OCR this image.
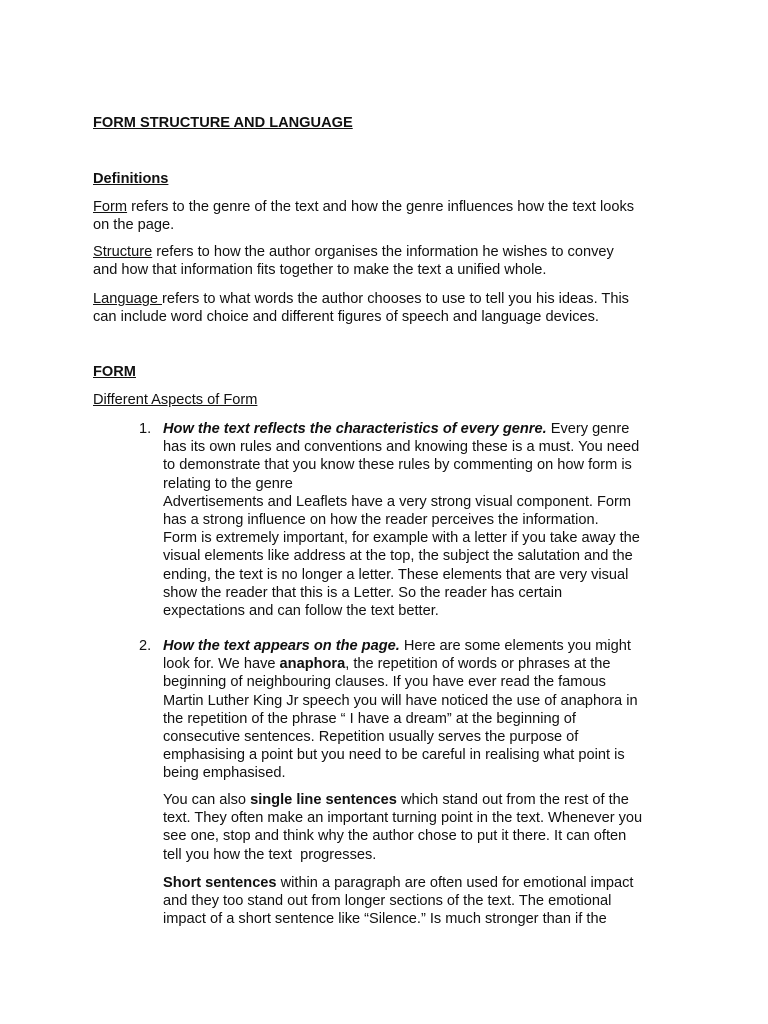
FORM STRUCTURE AND LANGUAGE

Definitions

Form refers to the genre of the text and how the genre influences how the text looks
on the page.
Structure refers to how the author organises the information he wishes to convey
and how that information fits together to make the text a unified whole.
Language refers to what words the author chooses to use to tell you his ideas. This
can include word choice and different figures of speech and language devices.

FORM

Different Aspects of Form

1. How the text reflects the characteristics of every genre. Every genre

has its own rules and conventions and knowing these is a must. You need

to demonstrate that you know these rules by commenting on how form is

relating to the genre

Advertisements and Leaflets have a very strong visual component. Form

has a strong influence on how the reader perceives the information.

Form is extremely important, for example with a letter if you take away the

visual elements like address at the top, the subject the salutation and the

ending, the text is no longer a letter. These elements that are very visual

show the reader that this is a Letter. So the reader has certain

expectations and can follow the text better.

2. How the text appears on the page. Here are some elements you might

look for. We have anaphora, the repetition of words or phrases at the

beginning of neighbouring clauses. If you have ever read the famous

Martin Luther King Jr speech you will have noticed the use of anaphora in

the repetition of the phrase “ I have a dream” at the beginning of

consecutive sentences. Repetition usually serves the purpose of

emphasising a point but you need to be careful in realising what point is

being emphasised.

You can also single line sentences which stand out from the rest of the

text. They often make an important turning point in the text. Whenever you

see one, stop and think why the author chose to put it there. It can often

tell you how the text  progresses.

Short sentences within a paragraph are often used for emotional impact

and they too stand out from longer sections of the text. The emotional

impact of a short sentence like “Silence.” Is much stronger than if the
